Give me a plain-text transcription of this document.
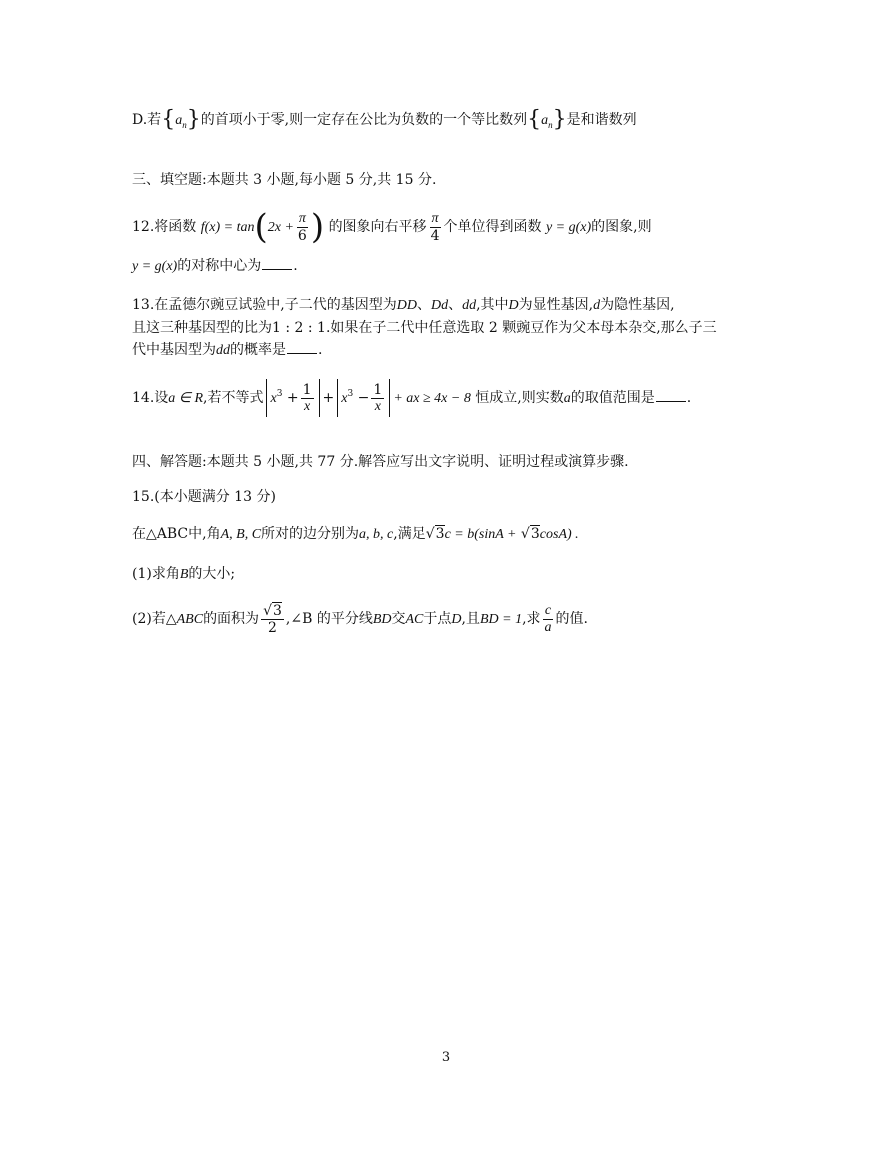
D.若$\{a_n\}$的首项小于零,则一定存在公比为负数的一个等比数列$\{a_n\}$是和谐数列
三、填空题:本题共 3 小题,每小题 5 分,共 15 分.
12.将函数 $f(x) = \tan(2x + \frac{\pi}{6}$ ) 的图象向右平移 $\frac{\pi}{4}$ 个单位得到函数 y = g(x)的图象,则
y = g(x)的对称中心为 .
13.在孟德尔豌豆试验中,子二代的基因型为DD、Dd、dd,其中D为显性基因,d为隐性基因,
且这三种基因型的比为1 : 2 : 1.如果在子二代中任意选取 2 颗豌豆作为父本母本杂交,那么子三
代中基因型为dd的概率是 .
14.设a ∈ R,若不等式 $x^3 + \frac{1}{x} + x^3 - \frac{1}{x}$ + ax ≥ 4x − 8 恒成立,则实数a的取值范围是 .
四、解答题:本题共 5 小题,共 77 分.解答应写出文字说明、证明过程或演算步骤.
15.(本小题满分 13 分)
在△ABC中,角A, B, C所对的边分别为a, b, c,满足√3c = b(sinA + √3cosA) .
(1)求角B的大小;
(2)若△ABC的面积为 $\frac{√3}{2}$ ,∠B 的平分线BD交AC于点D,且BD = 1,求 $\frac{c}{a}$ 的值.
3
